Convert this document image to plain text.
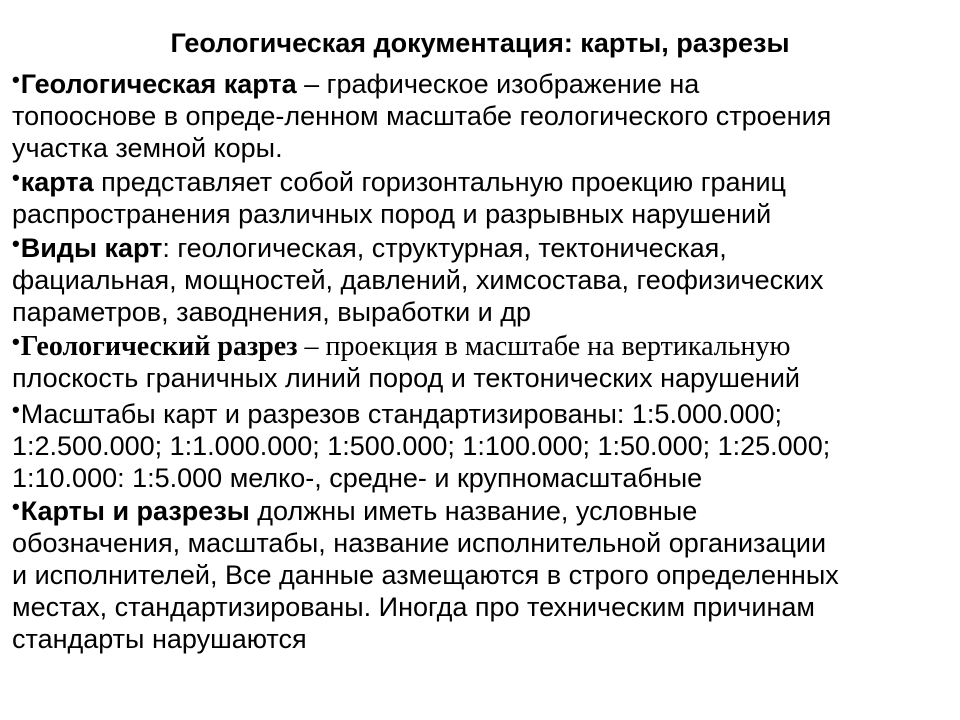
Геологическая документация: карты, разрезы
•Геологическая карта – графическое изображение на
топооснове в опреде-ленном масштабе геологического строения
участка земной коры.
•карта представляет собой горизонтальную проекцию границ
распространения различных пород и разрывных нарушений
•Виды карт: геологическая, структурная, тектоническая,
фациальная, мощностей, давлений, химсостава, геофизических
параметров, заводнения, выработки и др
•Геологический разрез – проекция в масштабе на вертикальную
плоскость граничных линий пород и тектонических нарушений
•Масштабы карт и разрезов стандартизированы: 1:5.000.000;
1:2.500.000; 1:1.000.000; 1:500.000; 1:100.000; 1:50.000; 1:25.000;
1:10.000: 1:5.000 мелко-, средне- и крупномасштабные
•Карты и разрезы должны иметь название, условные
обозначения, масштабы, название исполнительной организации
и исполнителей, Все данные азмещаются в строго определенных
местах, стандартизированы. Иногда про техническим причинам
стандарты нарушаются
